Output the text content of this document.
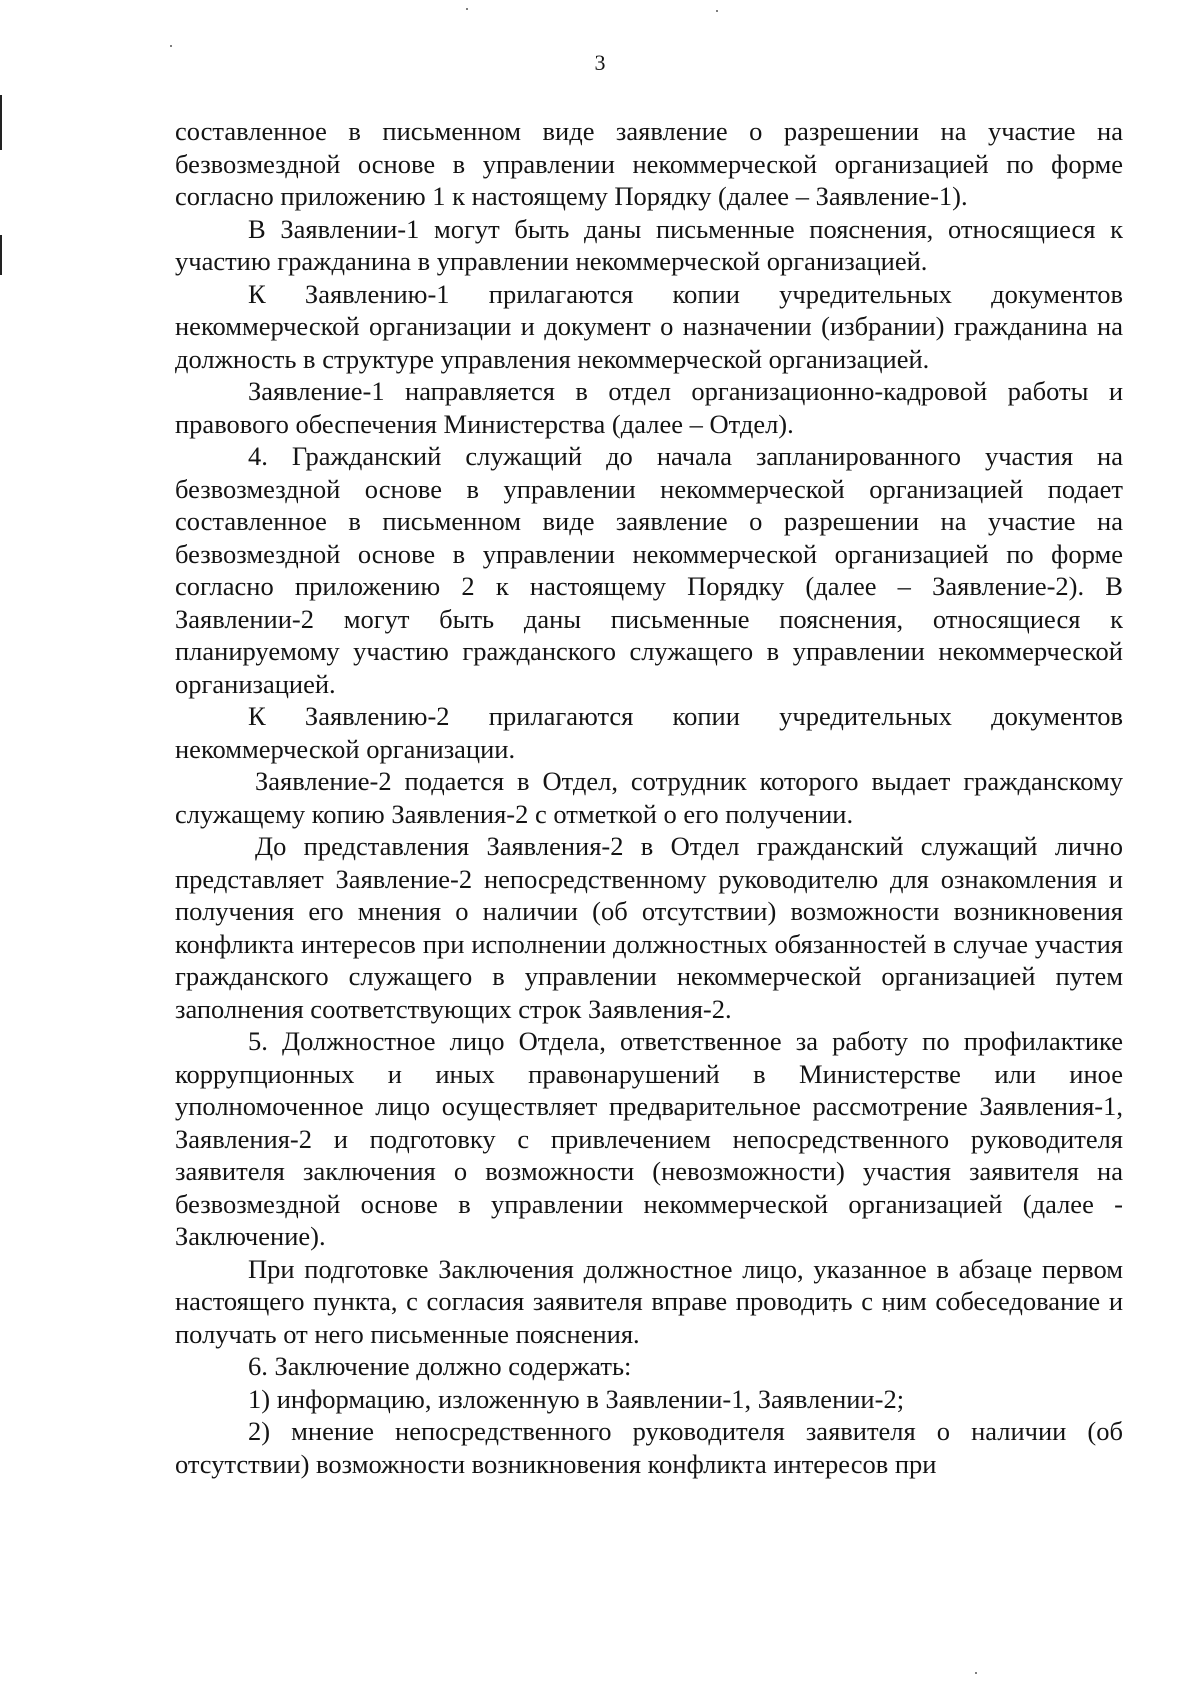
3

составленное в письменном виде заявление о разрешении на участие на безвозмездной основе в управлении некоммерческой организацией по форме согласно приложению 1 к настоящему Порядку (далее – Заявление-1).

В Заявлении-1 могут быть даны письменные пояснения, относящиеся к участию гражданина в управлении некоммерческой организацией.

К Заявлению-1 прилагаются копии учредительных документов некоммерческой организации и документ о назначении (избрании) гражданина на должность в структуре управления некоммерческой организацией.

Заявление-1 направляется в отдел организационно-кадровой работы и правового обеспечения Министерства (далее – Отдел).

4. Гражданский служащий до начала запланированного участия на безвозмездной основе в управлении некоммерческой организацией подает составленное в письменном виде заявление о разрешении на участие на безвозмездной основе в управлении некоммерческой организацией по форме согласно приложению 2 к настоящему Порядку (далее – Заявление-2). В Заявлении-2 могут быть даны письменные пояснения, относящиеся к планируемому участию гражданского служащего в управлении некоммерческой организацией.

К Заявлению-2 прилагаются копии учредительных документов некоммерческой организации.

Заявление-2 подается в Отдел, сотрудник которого выдает гражданскому служащему копию Заявления-2 с отметкой о его получении.

До представления Заявления-2 в Отдел гражданский служащий лично представляет Заявление-2 непосредственному руководителю для ознакомления и получения его мнения о наличии (об отсутствии) возможности возникновения конфликта интересов при исполнении должностных обязанностей в случае участия гражданского служащего в управлении некоммерческой организацией путем заполнения соответствующих строк Заявления-2.

5. Должностное лицо Отдела, ответственное за работу по профилактике коррупционных и иных правонарушений в Министерстве или иное уполномоченное лицо осуществляет предварительное рассмотрение Заявления-1, Заявления-2 и подготовку с привлечением непосредственного руководителя заявителя заключения о возможности (невозможности) участия заявителя на безвозмездной основе в управлении некоммерческой организацией (далее - Заключение).

При подготовке Заключения должностное лицо, указанное в абзаце первом настоящего пункта, с согласия заявителя вправе проводить с ним собеседование и получать от него письменные пояснения.

6. Заключение должно содержать:

1) информацию, изложенную в Заявлении-1, Заявлении-2;

2) мнение непосредственного руководителя заявителя о наличии (об отсутствии) возможности возникновения конфликта интересов при
